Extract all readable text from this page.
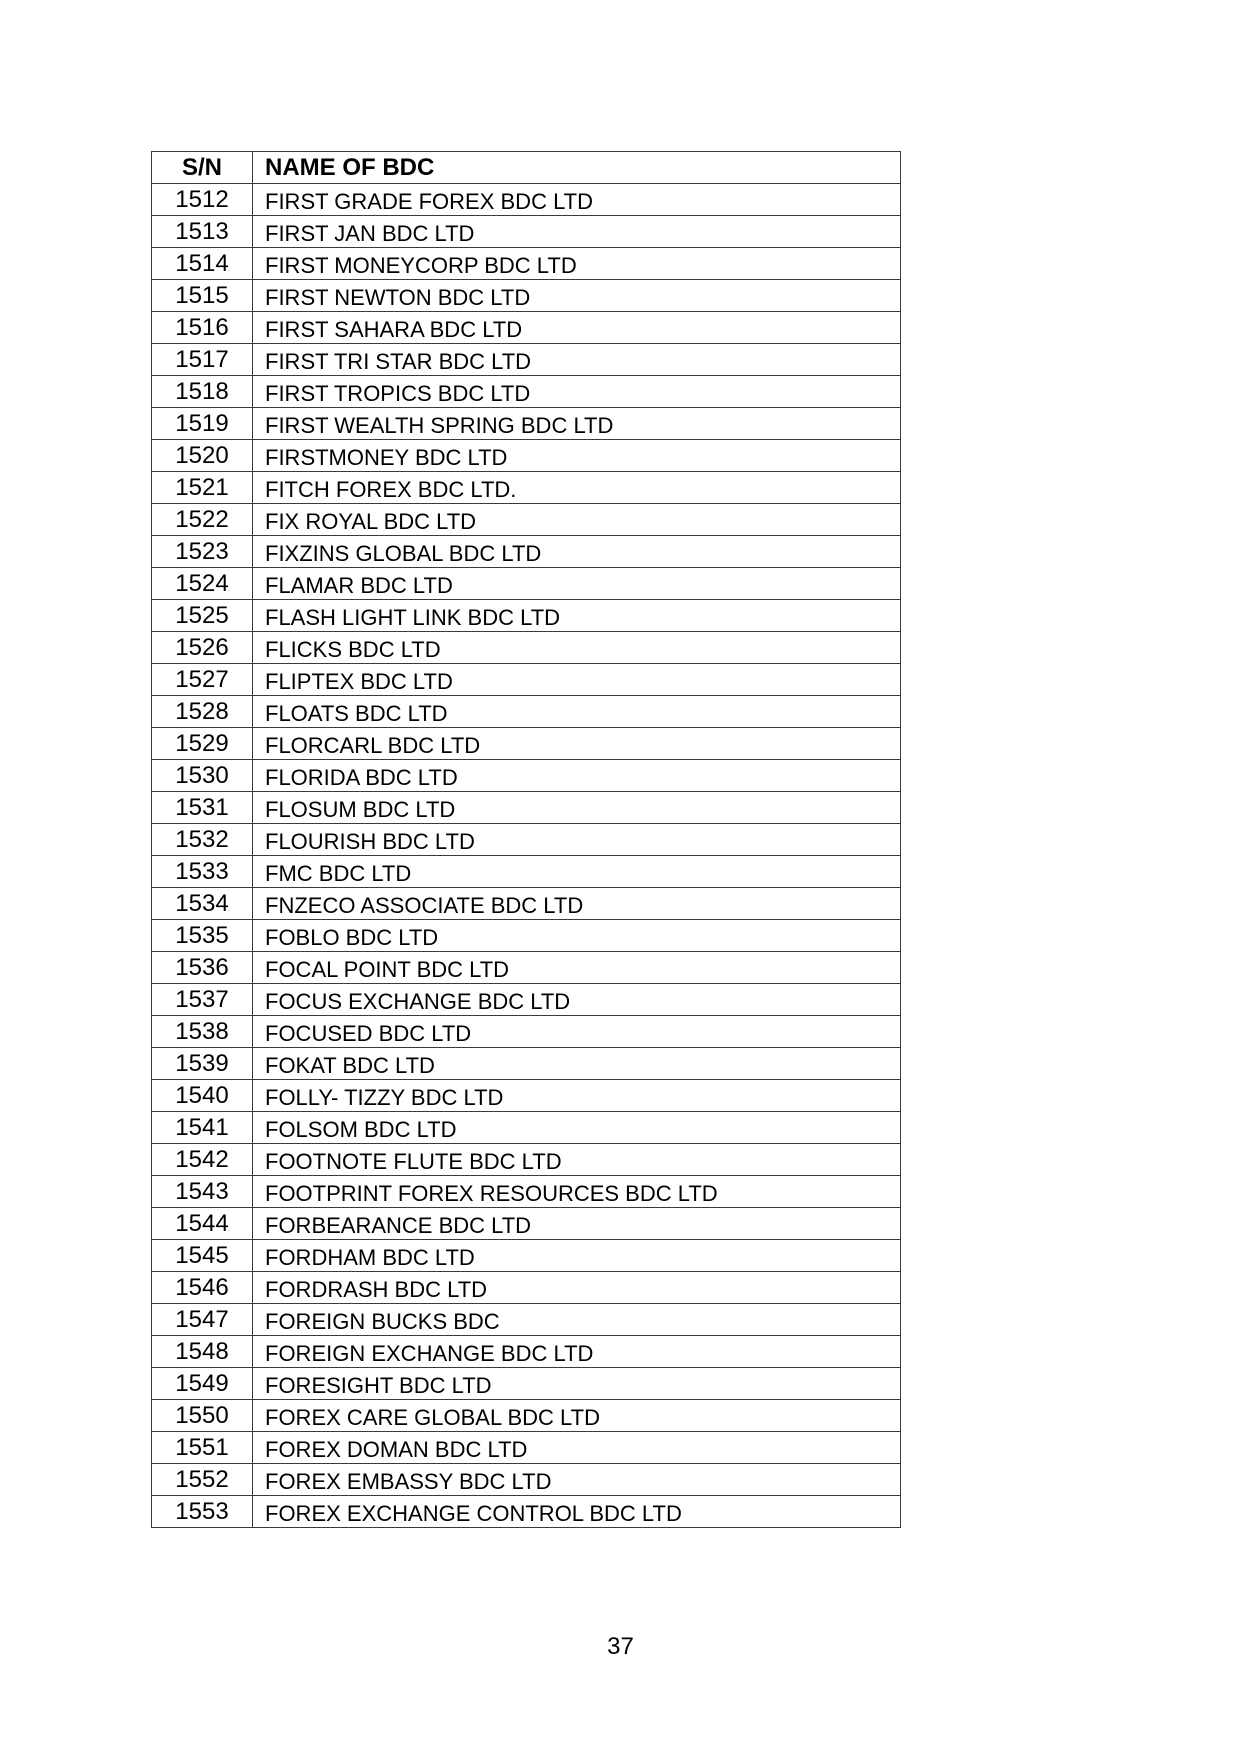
S/N	NAME OF BDC
1512	FIRST GRADE FOREX BDC LTD
1513	FIRST JAN BDC LTD
1514	FIRST MONEYCORP BDC LTD
1515	FIRST NEWTON BDC LTD
1516	FIRST SAHARA BDC LTD
1517	FIRST TRI STAR BDC LTD
1518	FIRST TROPICS BDC LTD
1519	FIRST WEALTH SPRING BDC LTD
1520	FIRSTMONEY BDC LTD
1521	FITCH FOREX BDC LTD.
1522	FIX ROYAL BDC LTD
1523	FIXZINS GLOBAL BDC LTD
1524	FLAMAR BDC LTD
1525	FLASH LIGHT LINK BDC LTD
1526	FLICKS BDC LTD
1527	FLIPTEX BDC LTD
1528	FLOATS BDC LTD
1529	FLORCARL BDC LTD
1530	FLORIDA BDC LTD
1531	FLOSUM BDC LTD
1532	FLOURISH BDC LTD
1533	FMC BDC LTD
1534	FNZECO ASSOCIATE BDC LTD
1535	FOBLO BDC LTD
1536	FOCAL POINT BDC LTD
1537	FOCUS EXCHANGE BDC LTD
1538	FOCUSED BDC LTD
1539	FOKAT BDC LTD
1540	FOLLY- TIZZY BDC LTD
1541	FOLSOM BDC LTD
1542	FOOTNOTE FLUTE BDC LTD
1543	FOOTPRINT FOREX RESOURCES BDC LTD
1544	FORBEARANCE BDC LTD
1545	FORDHAM BDC LTD
1546	FORDRASH BDC LTD
1547	FOREIGN BUCKS BDC
1548	FOREIGN EXCHANGE BDC LTD
1549	FORESIGHT BDC LTD
1550	FOREX CARE GLOBAL BDC LTD
1551	FOREX DOMAN BDC LTD
1552	FOREX EMBASSY BDC LTD
1553	FOREX EXCHANGE CONTROL BDC LTD
37
